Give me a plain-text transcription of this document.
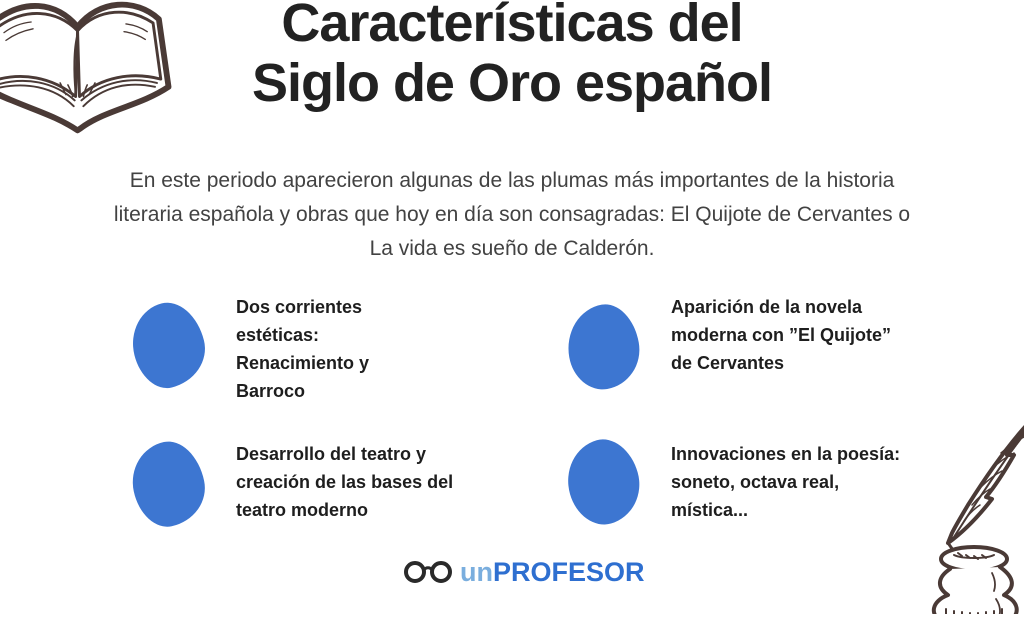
Características del
Siglo de Oro español

En este periodo aparecieron algunas de las plumas más importantes de la historia literaria española y obras que hoy en día son consagradas: El Quijote de Cervantes o La vida es sueño de Calderón.

Dos corrientes estéticas: Renacimiento y Barroco
Aparición de la novela moderna con ”El Quijote” de Cervantes
Desarrollo del teatro y creación de las bases del teatro moderno
Innovaciones en la poesía: soneto, octava real, mística...
unPROFESOR
